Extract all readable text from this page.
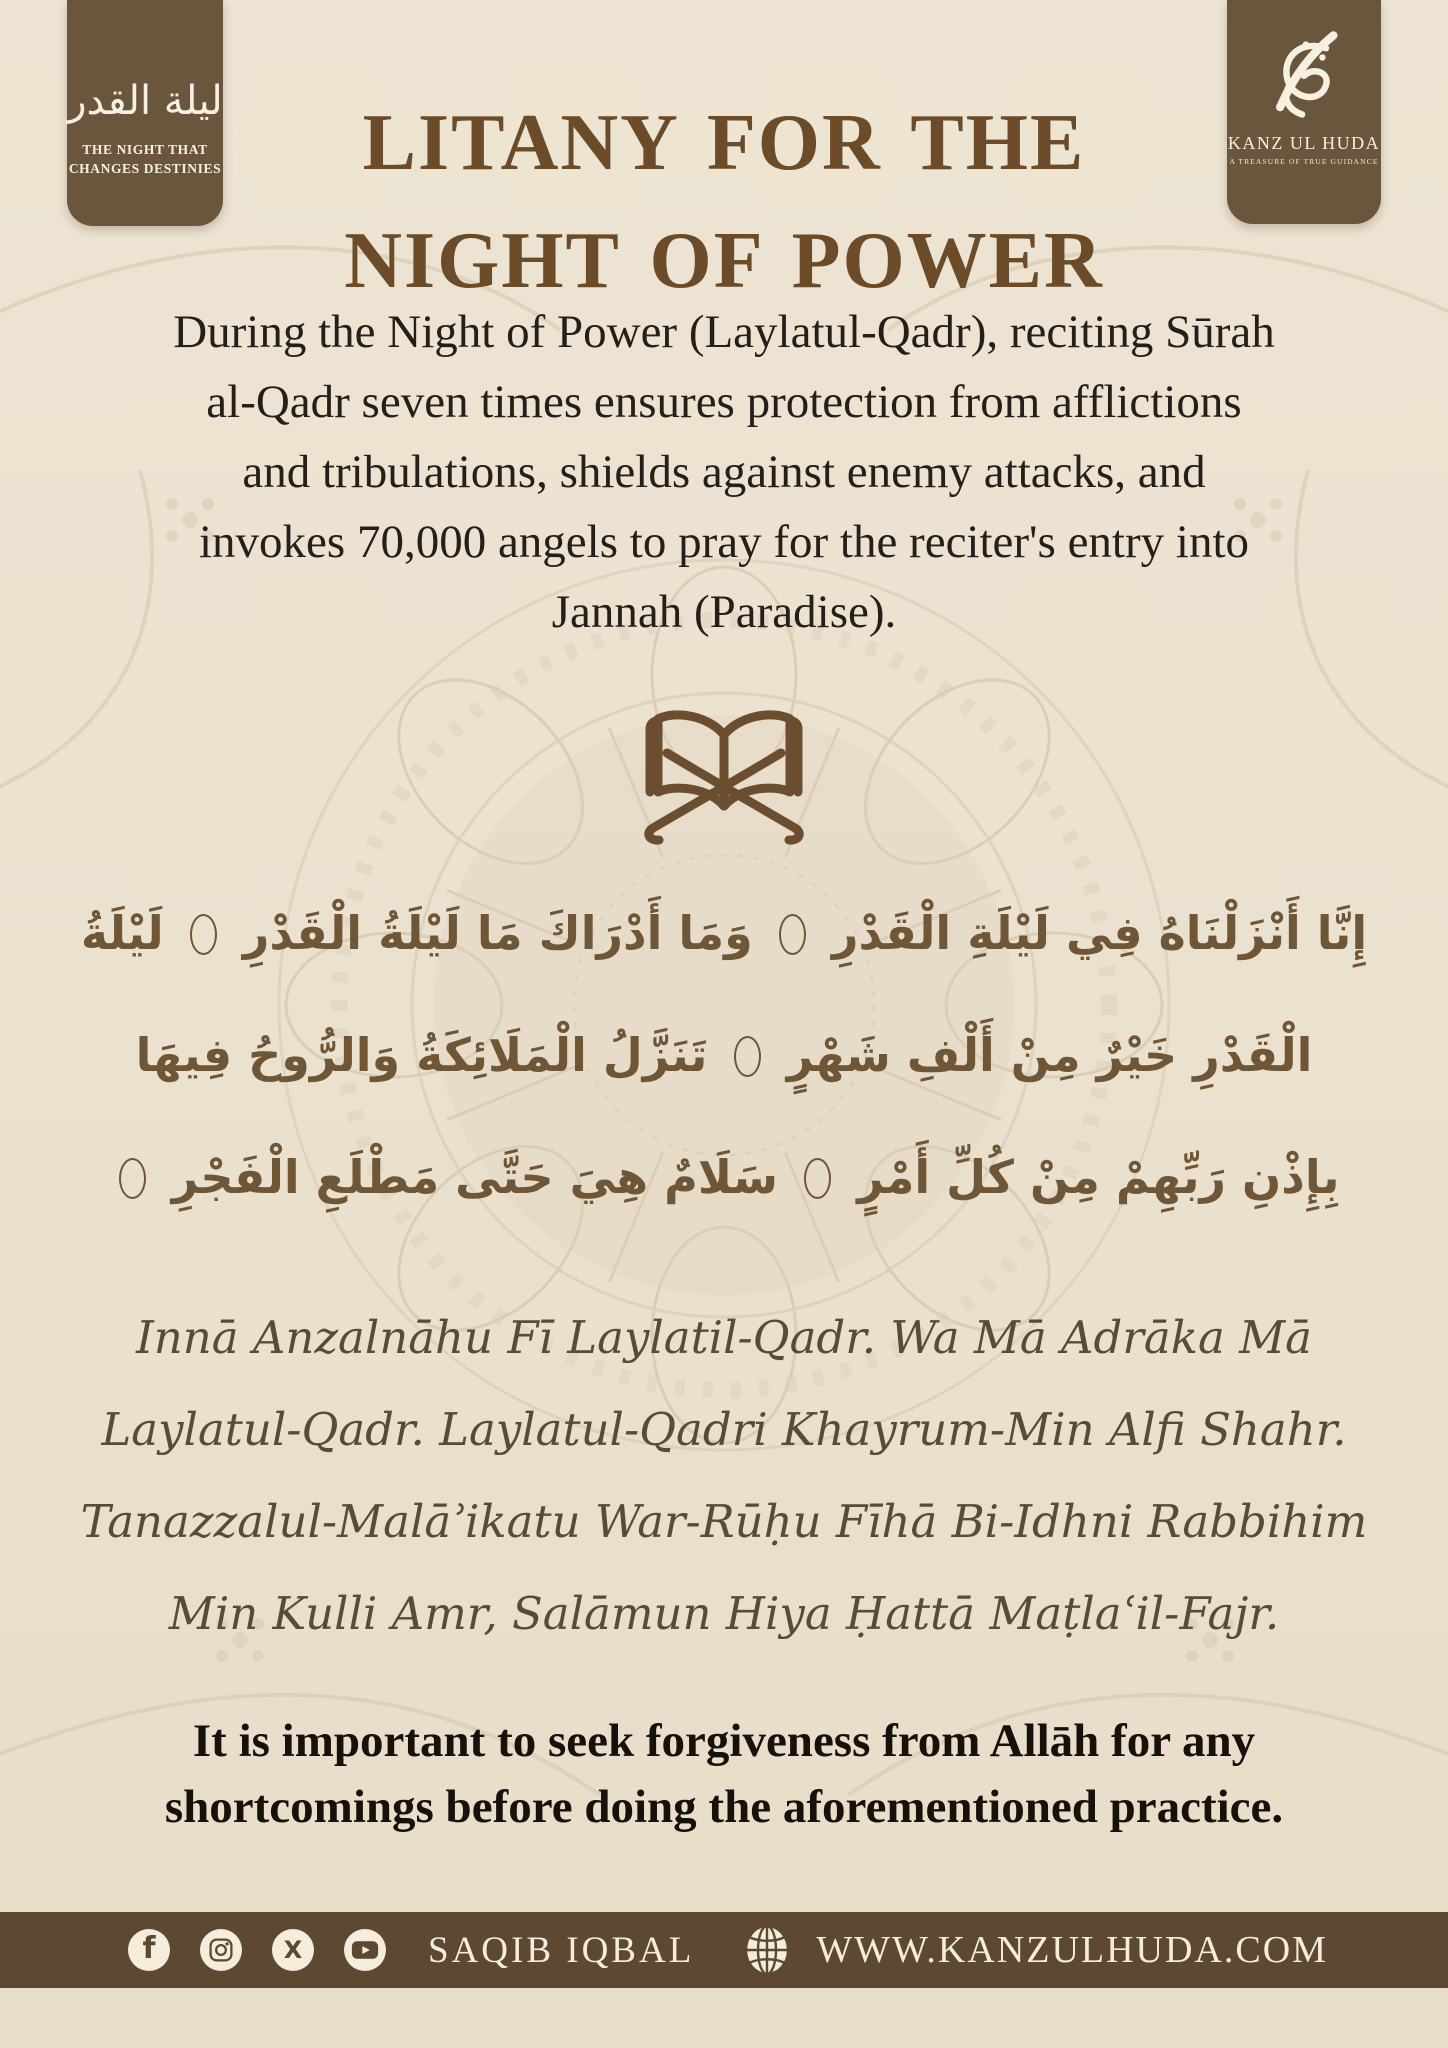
ليلة القدر
THE NIGHT THAT
CHANGES DESTINIES	LITANY FOR THE
NIGHT OF POWER
KANZ UL HUDA
A TREASURE OF TRUE GUIDANCE
During the Night of Power (Laylatul-Qadr), reciting Sūrah
al-Qadr seven times ensures protection from afflictions
and tribulations, shields against enemy attacks, and
invokes 70,000 angels to pray for the reciter's entry into
Jannah (Paradise).
إِنَّا أَنْزَلْنَاهُ فِي لَيْلَةِ الْقَدْرِ  وَمَا أَدْرَاكَ مَا لَيْلَةُ الْقَدْرِ  لَيْلَةُ
الْقَدْرِ خَيْرٌ مِنْ أَلْفِ شَهْرٍ  تَنَزَّلُ الْمَلَائِكَةُ وَالرُّوحُ فِيهَا
بِإِذْنِ رَبِّهِمْ مِنْ كُلِّ أَمْرٍ  سَلَامٌ هِيَ حَتَّى مَطْلَعِ الْفَجْرِ
Innā Anzalnāhu Fī Laylatil-Qadr. Wa Mā Adrāka Mā
Laylatul-Qadr. Laylatul-Qadri Khayrum-Min Alfi Shahr.
Tanazzalul-Malāʾikatu War-Rūḥu Fīhā Bi-Idhni Rabbihim
Min Kulli Amr, Salāmun Hiya Ḥattā Maṭlaʿil-Fajr.
It is important to seek forgiveness from Allāh for any
shortcomings before doing the aforementioned practice.
f	X	SAQIB IQBAL	WWW.KANZULHUDA.COM
